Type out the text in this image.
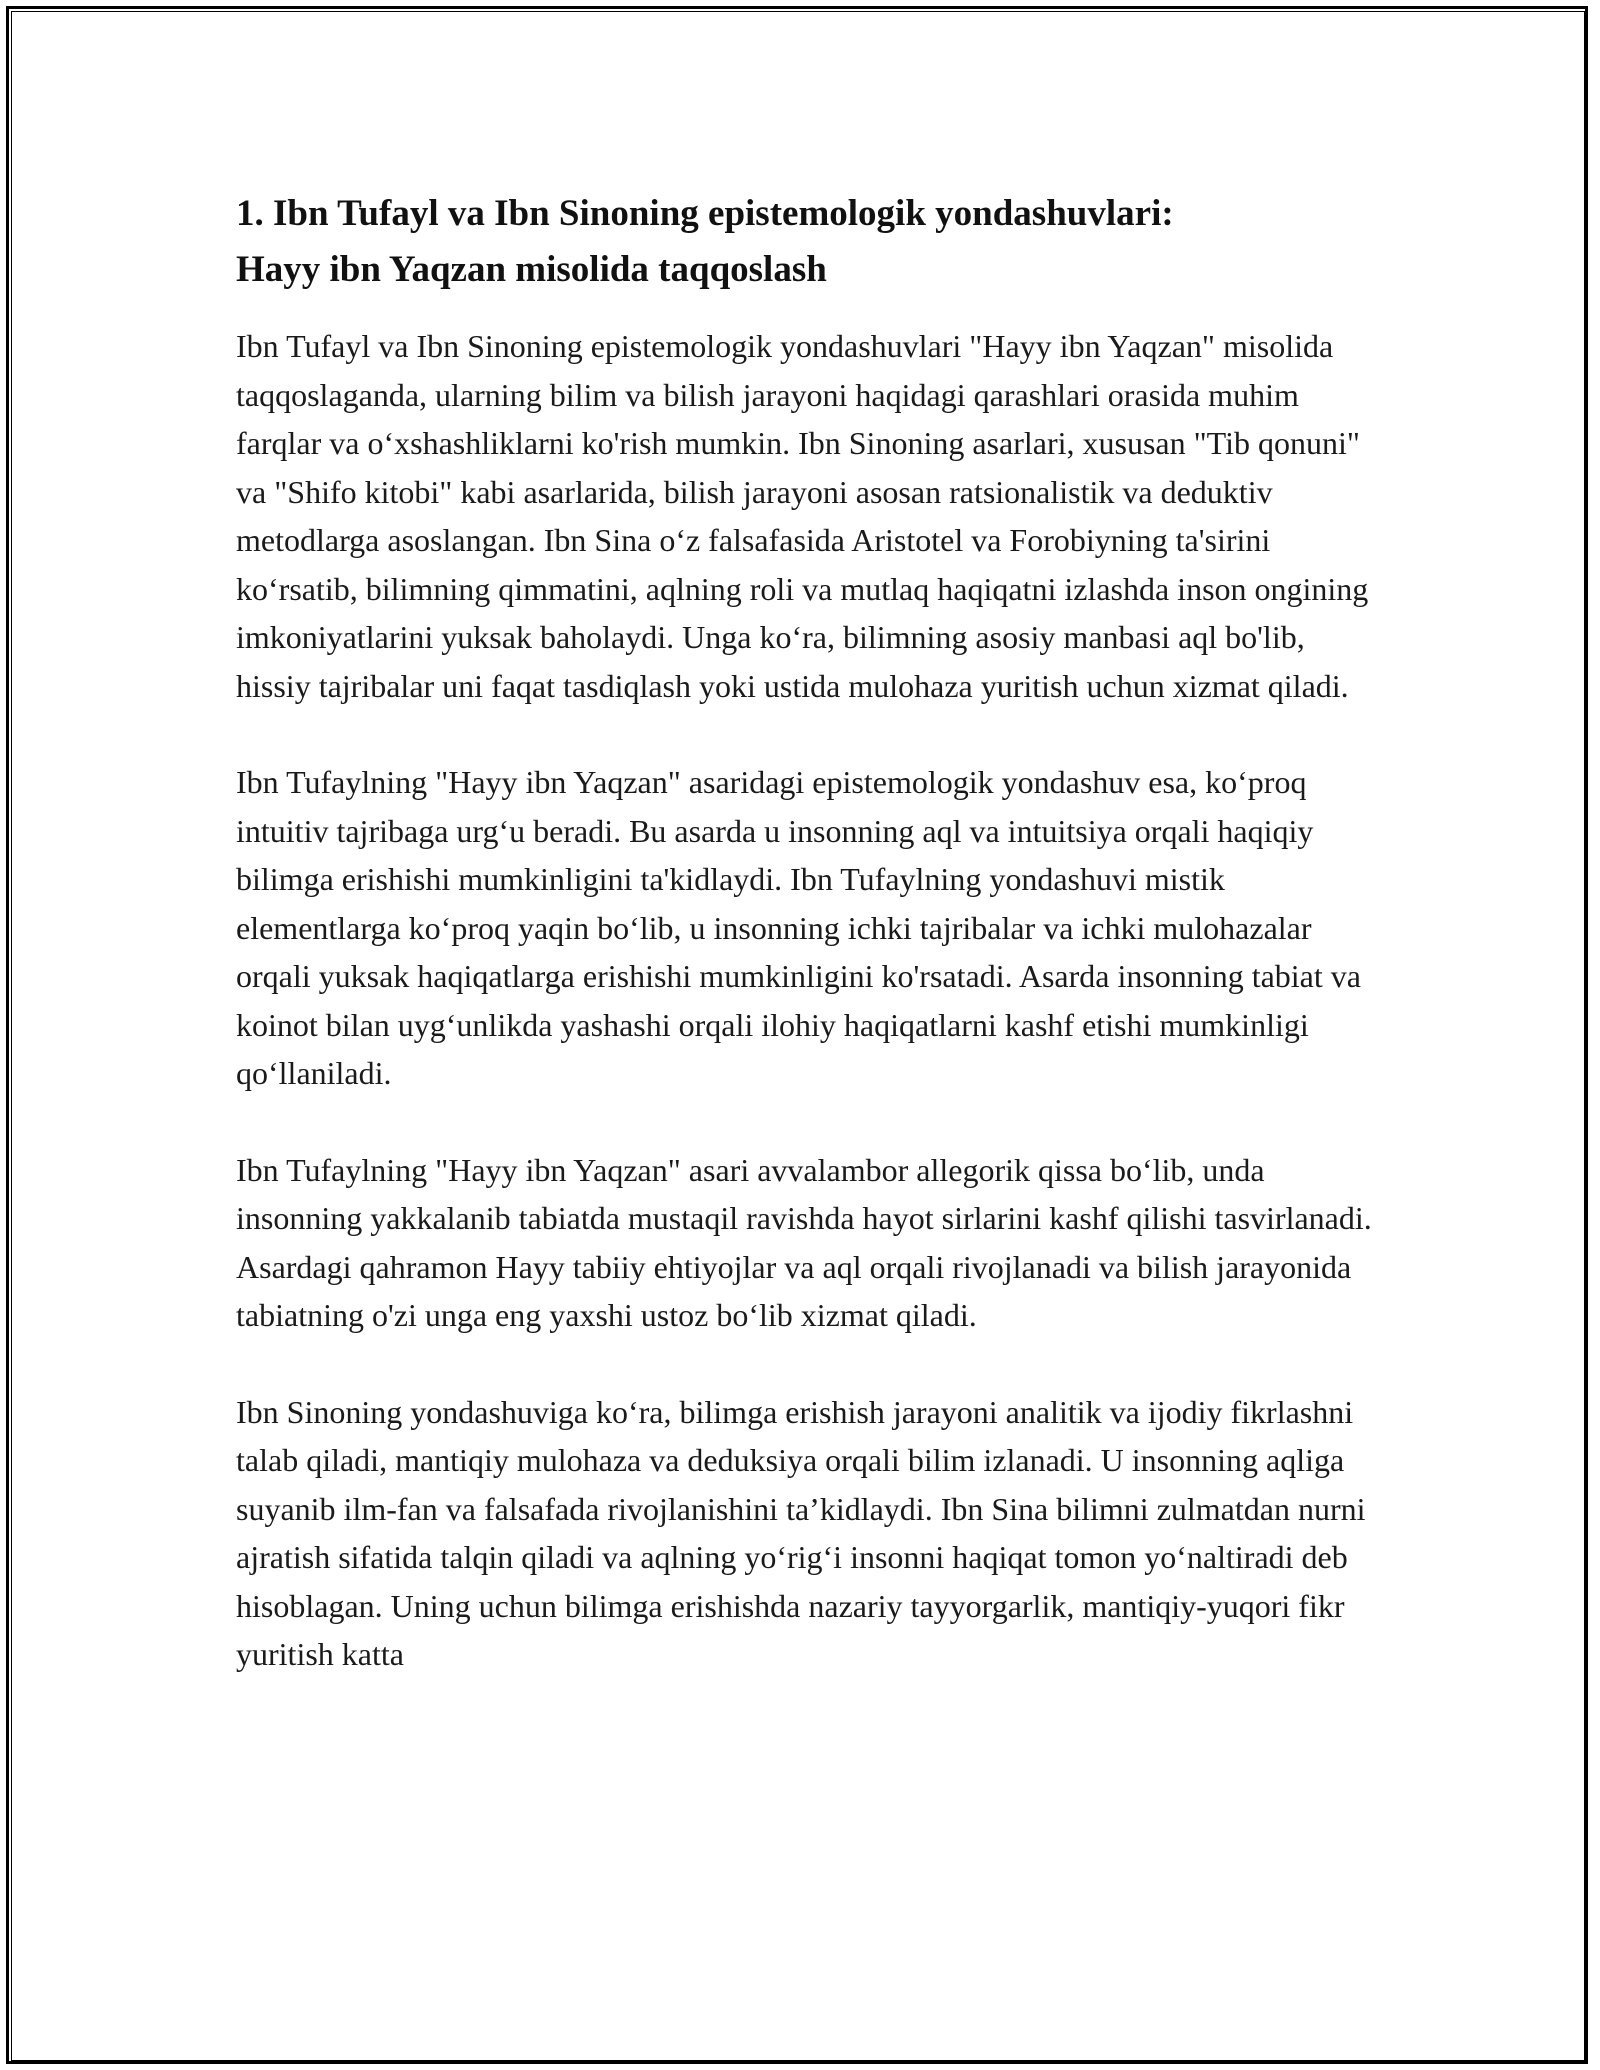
1. Ibn Tufayl va Ibn Sinoning epistemologik yondashuvlari:
Hayy ibn Yaqzan misolida taqqoslash

Ibn Tufayl va Ibn Sinoning epistemologik yondashuvlari "Hayy ibn Yaqzan" misolida taqqoslaganda, ularning bilim va bilish jarayoni haqidagi qarashlari orasida muhim farqlar va oʻxshashliklarni ko'rish mumkin. Ibn Sinoning asarlari, xususan "Tib qonuni" va "Shifo kitobi" kabi asarlarida, bilish jarayoni asosan ratsionalistik va deduktiv metodlarga asoslangan. Ibn Sina oʻz falsafasida Aristotel va Forobiyning ta'sirini koʻrsatib, bilimning qimmatini, aqlning roli va mutlaq haqiqatni izlashda inson ongining imkoniyatlarini yuksak baholaydi. Unga koʻra, bilimning asosiy manbasi aql bo'lib, hissiy tajribalar uni faqat tasdiqlash yoki ustida mulohaza yuritish uchun xizmat qiladi.

Ibn Tufaylning "Hayy ibn Yaqzan" asaridagi epistemologik yondashuv esa, koʻproq intuitiv tajribaga urgʻu beradi. Bu asarda u insonning aql va intuitsiya orqali haqiqiy bilimga erishishi mumkinligini ta'kidlaydi. Ibn Tufaylning yondashuvi mistik elementlarga koʻproq yaqin boʻlib, u insonning ichki tajribalar va ichki mulohazalar orqali yuksak haqiqatlarga erishishi mumkinligini ko'rsatadi. Asarda insonning tabiat va koinot bilan uygʻunlikda yashashi orqali ilohiy haqiqatlarni kashf etishi mumkinligi qoʻllaniladi.

Ibn Tufaylning "Hayy ibn Yaqzan" asari avvalambor allegorik qissa boʻlib, unda insonning yakkalanib tabiatda mustaqil ravishda hayot sirlarini kashf qilishi tasvirlanadi. Asardagi qahramon Hayy tabiiy ehtiyojlar va aql orqali rivojlanadi va bilish jarayonida tabiatning o'zi unga eng yaxshi ustoz boʻlib xizmat qiladi.

Ibn Sinoning yondashuviga koʻra, bilimga erishish jarayoni analitik va ijodiy fikrlashni talab qiladi, mantiqiy mulohaza va deduksiya orqali bilim izlanadi. U insonning aqliga suyanib ilm-fan va falsafada rivojlanishini ta’kidlaydi. Ibn Sina bilimni zulmatdan nurni ajratish sifatida talqin qiladi va aqlning yoʻrigʻi insonni haqiqat tomon yoʻnaltiradi deb hisoblagan. Uning uchun bilimga erishishda nazariy tayyorgarlik, mantiqiy-yuqori fikr yuritish katta
